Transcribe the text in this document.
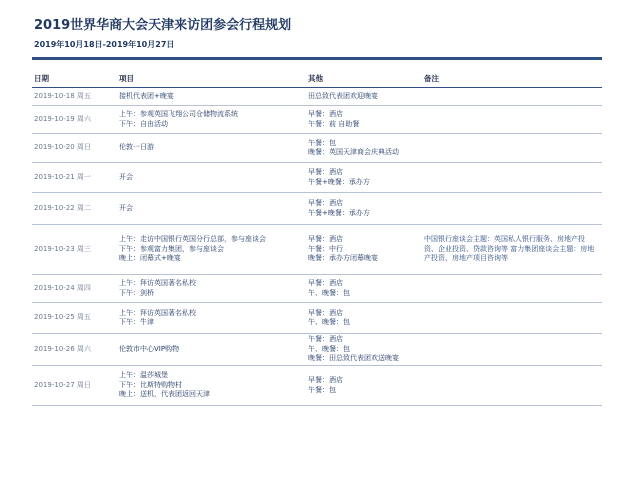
2019世界华商大会天津来访团参会行程规划
2019年10月18日-2019年10月27日
日期	项目	其他	备注
2019-10-18 周五	接机代表团+晚宴	田总致代表团欢迎晚宴	

2019-10-19 周六	上午：参观英国飞翔公司仓储物流系统
下午：自由活动	早餐：酒店
午餐：前 自助餐	

2019-10-20 周日	伦敦一日游	午餐：包
晚餐：英国天津商会庆典活动	

2019-10-21 周一	开会	早餐：酒店
午餐+晚餐：承办方	

2019-10-22 周二	开会	早餐：酒店
午餐+晚餐：承办方	

2019-10-23 周三	上午：走访中国银行英国分行总部，参与座谈会
下午：参观富力集团，参与座谈会
晚上：闭幕式+晚宴	早餐：酒店
午餐：中行
晚餐：承办方闭幕晚宴	中国银行座谈会主题：英国私人银行服务、房地产投资、企业投资、贷款咨询等 富力集团座谈会主题：房地产投资、房地产项目咨询等
2019-10-24 周四	上午：拜访英国著名私校
下午：剑桥	早餐：酒店
午、晚餐：包	

2019-10-25 周五	上午：拜访英国著名私校
下午：牛津	早餐：酒店
午、晚餐：包	

2019-10-26 周六	伦敦市中心VIP购物	午餐：酒店
午、晚餐：包
晚餐：田总致代表团欢送晚宴	

2019-10-27 周日	上午：温莎城堡
下午：比斯特购物村
晚上：送机，代表团返回天津	早餐：酒店
午餐：包	
